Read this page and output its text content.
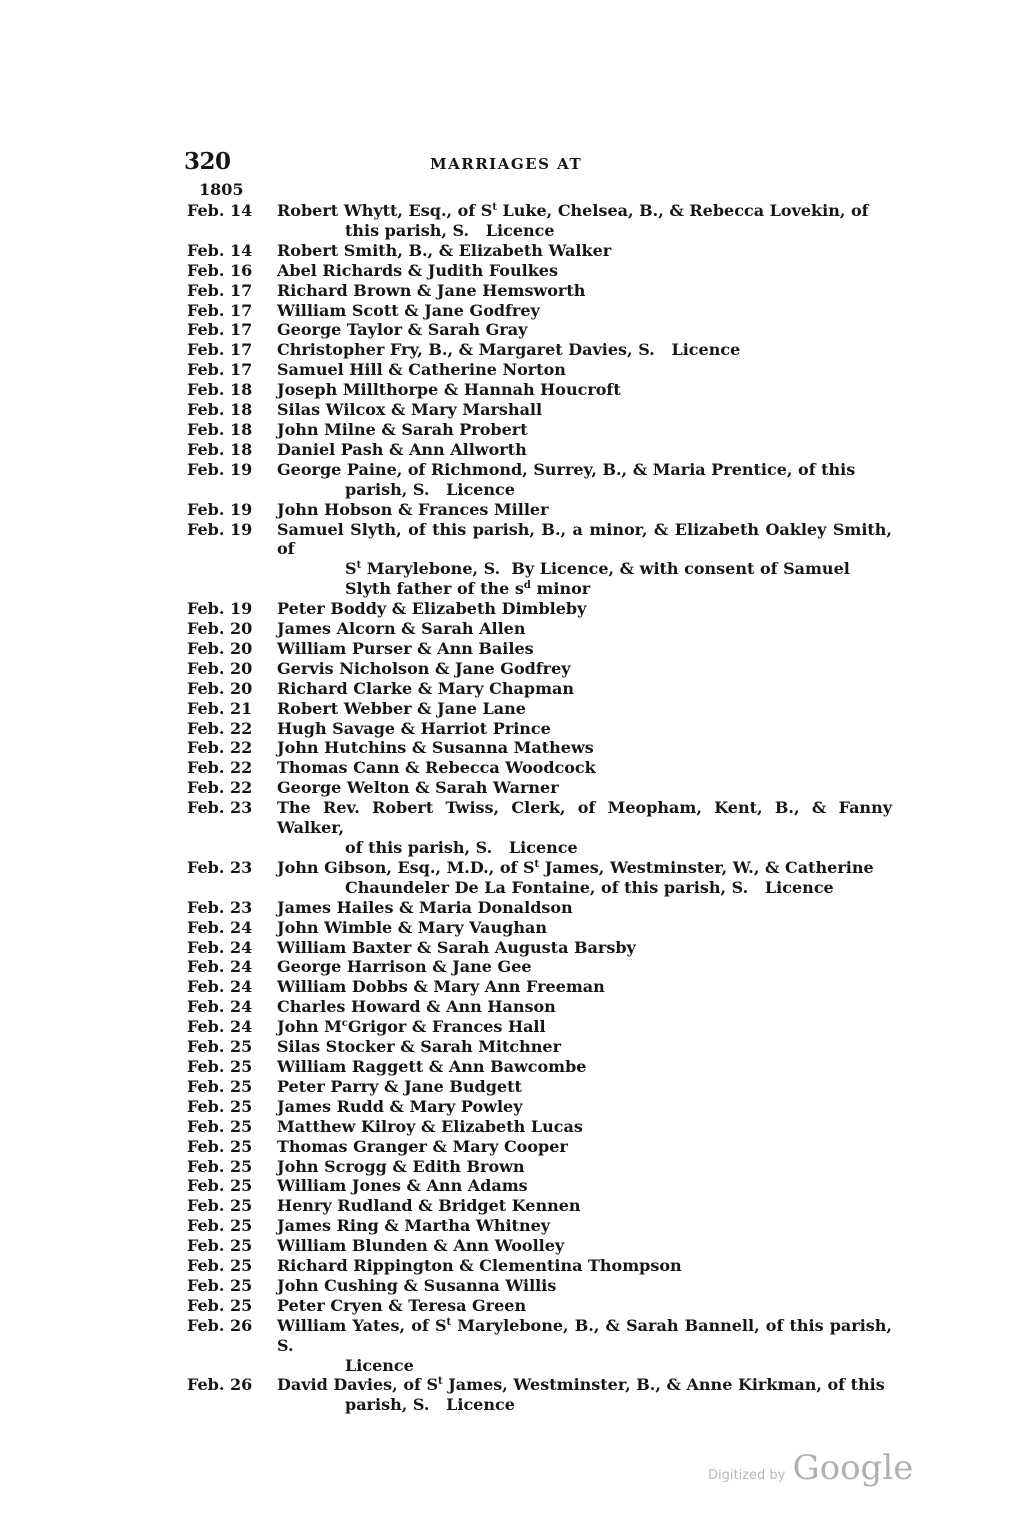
320	MARRIAGES AT
1805
Feb. 14	Robert Whytt, Esq., of $S^t$ Luke, Chelsea, B., & Rebecca Lovekin, of
this parish, S.   Licence
Feb. 14	Robert Smith, B., & Elizabeth Walker
Feb. 16	Abel Richards & Judith Foulkes
Feb. 17	Richard Brown & Jane Hemsworth
Feb. 17	William Scott & Jane Godfrey
Feb. 17	George Taylor & Sarah Gray
Feb. 17	Christopher Fry, B., & Margaret Davies, S.   Licence
Feb. 17	Samuel Hill & Catherine Norton
Feb. 18	Joseph Millthorpe & Hannah Houcroft
Feb. 18	Silas Wilcox & Mary Marshall
Feb. 18	John Milne & Sarah Probert
Feb. 18	Daniel Pash & Ann Allworth
Feb. 19	George Paine, of Richmond, Surrey, B., & Maria Prentice, of this
parish, S.   Licence
Feb. 19	John Hobson & Frances Miller
Feb. 19	Samuel Slyth, of this parish, B., a minor, & Elizabeth Oakley Smith, of
$S^t$ Marylebone, S.  By Licence, & with consent of Samuel
Slyth father of the $s^d$ minor
Feb. 19	Peter Boddy & Elizabeth Dimbleby
Feb. 20	James Alcorn & Sarah Allen
Feb. 20	William Purser & Ann Bailes
Feb. 20	Gervis Nicholson & Jane Godfrey
Feb. 20	Richard Clarke & Mary Chapman
Feb. 21	Robert Webber & Jane Lane
Feb. 22	Hugh Savage & Harriot Prince
Feb. 22	John Hutchins & Susanna Mathews
Feb. 22	Thomas Cann & Rebecca Woodcock
Feb. 22	George Welton & Sarah Warner
Feb. 23	The Rev. Robert Twiss, Clerk, of Meopham, Kent, B., & Fanny Walker,
of this parish, S.   Licence
Feb. 23	John Gibson, Esq., M.D., of $S^t$ James, Westminster, W., & Catherine
Chaundeler De La Fontaine, of this parish, S.   Licence
Feb. 23	James Hailes & Maria Donaldson
Feb. 24	John Wimble & Mary Vaughan
Feb. 24	William Baxter & Sarah Augusta Barsby
Feb. 24	George Harrison & Jane Gee
Feb. 24	William Dobbs & Mary Ann Freeman
Feb. 24	Charles Howard & Ann Hanson
Feb. 24	John $M^cGrigor$ & Frances Hall
Feb. 25	Silas Stocker & Sarah Mitchner
Feb. 25	William Raggett & Ann Bawcombe
Feb. 25	Peter Parry & Jane Budgett
Feb. 25	James Rudd & Mary Powley
Feb. 25	Matthew Kilroy & Elizabeth Lucas
Feb. 25	Thomas Granger & Mary Cooper
Feb. 25	John Scrogg & Edith Brown
Feb. 25	William Jones & Ann Adams
Feb. 25	Henry Rudland & Bridget Kennen
Feb. 25	James Ring & Martha Whitney
Feb. 25	William Blunden & Ann Woolley
Feb. 25	Richard Rippington & Clementina Thompson
Feb. 25	John Cushing & Susanna Willis
Feb. 25	Peter Cryen & Teresa Green
Feb. 26	William Yates, of $S^t$ Marylebone, B., & Sarah Bannell, of this parish, S.
Licence
Feb. 26	David Davies, of $S^t$ James, Westminster, B., & Anne Kirkman, of this
parish, S.   Licence
Digitized by Google
